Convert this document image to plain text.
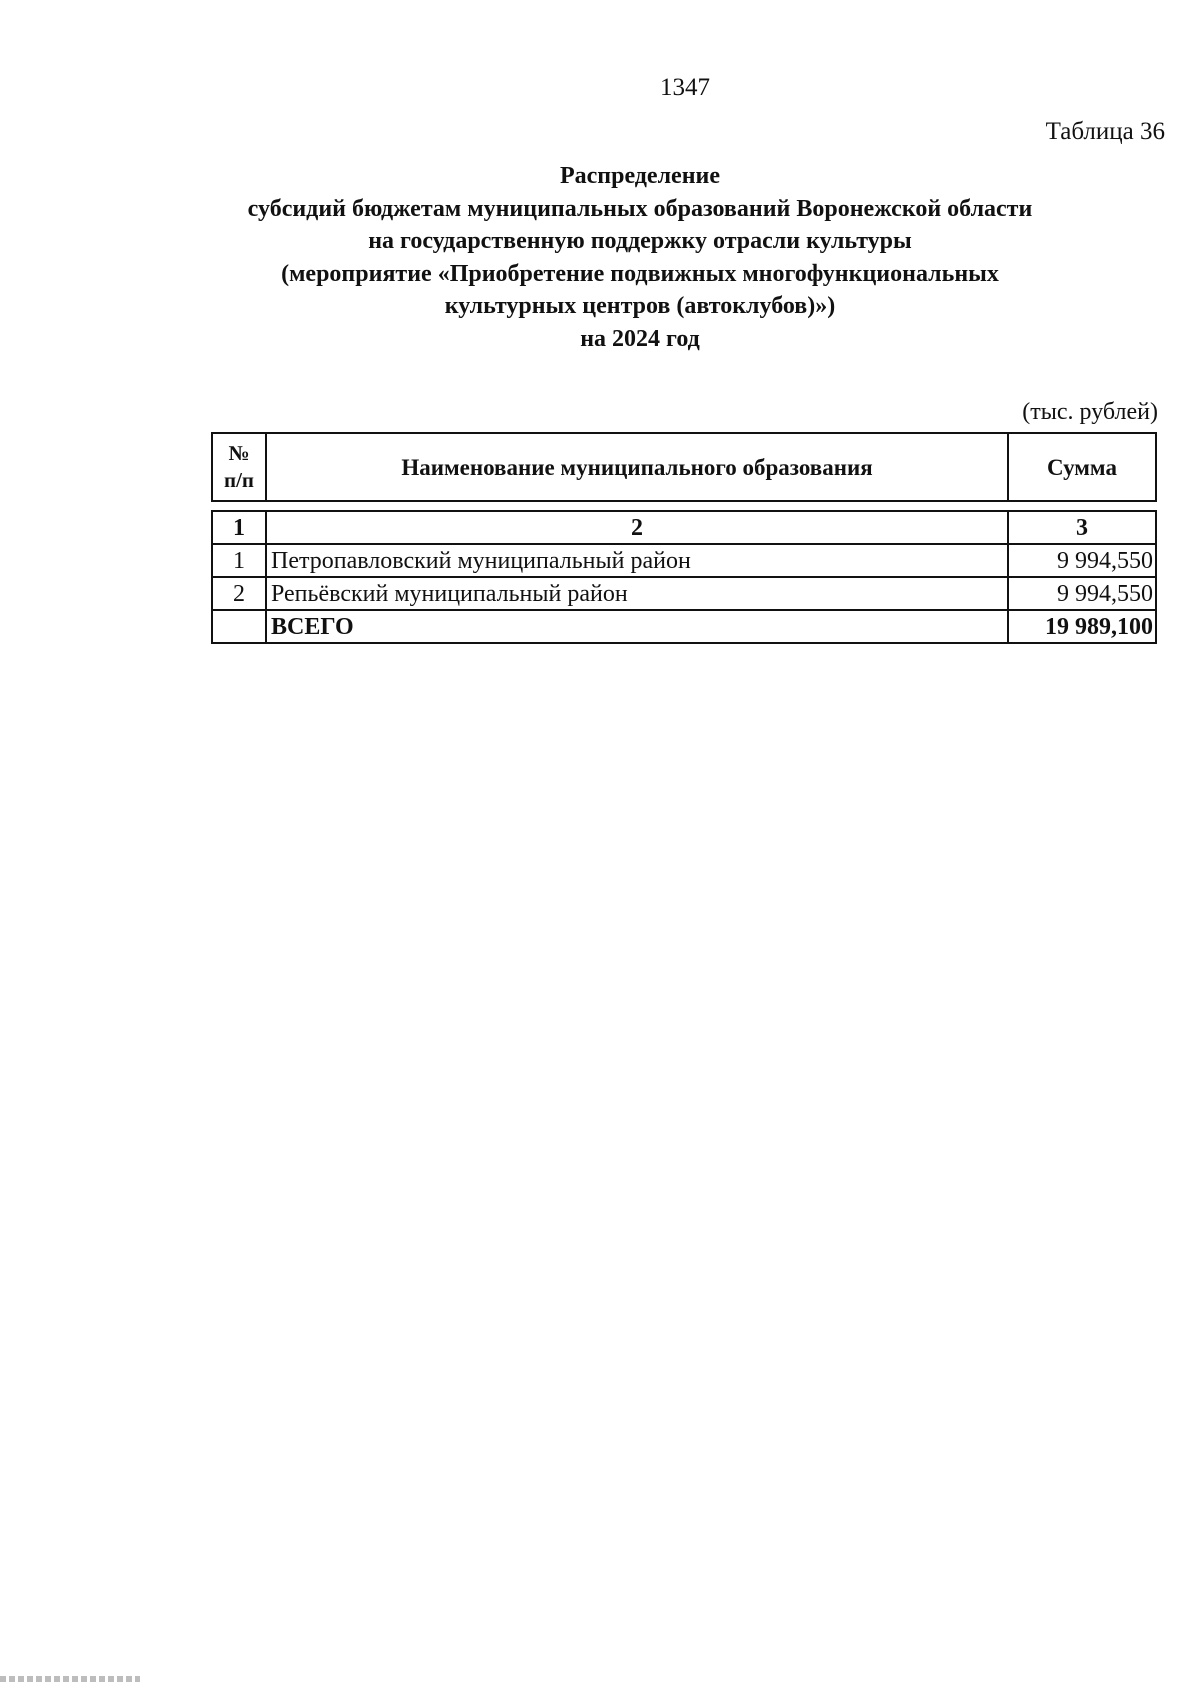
1347
Таблица 36
Распределение
субсидий бюджетам муниципальных образований Воронежской области
на государственную поддержку отрасли культуры
(мероприятие «Приобретение подвижных многофункциональных
культурных центров (автоклубов)»)
на 2024 год
(тыс. рублей)
№
п/п	Наименование муниципального образования	Сумма
1	2	3
1	Петропавловский муниципальный район	9 994,550
2	Репьёвский муниципальный район	9 994,550
	ВСЕГО	19 989,100
